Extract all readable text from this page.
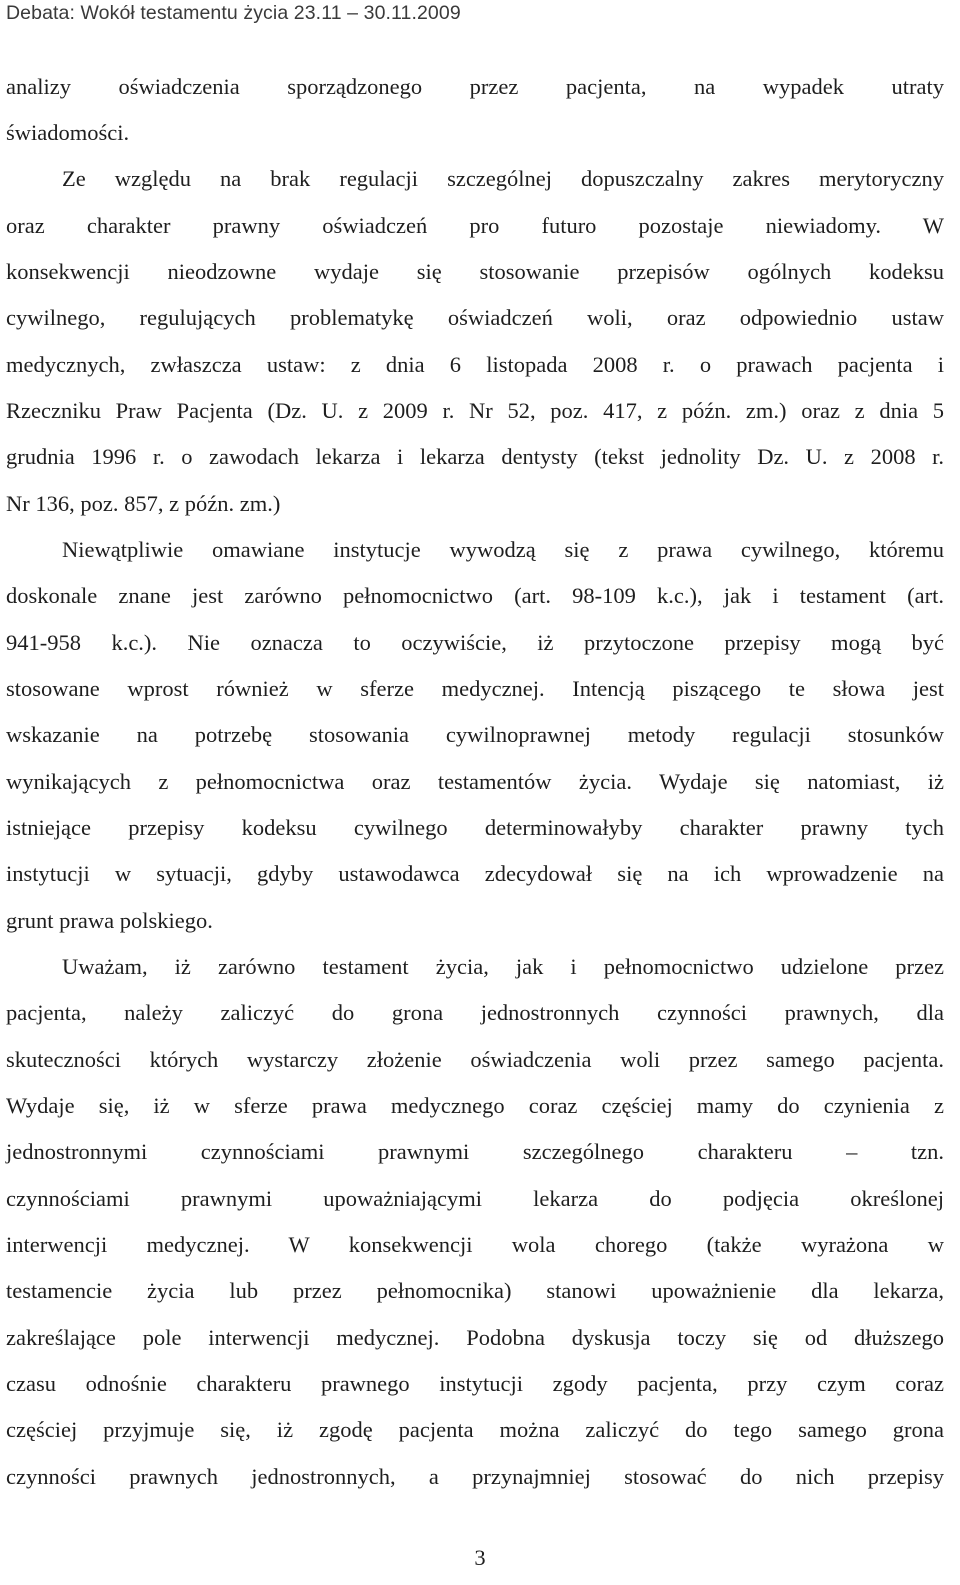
Debata: Wokół testamentu życia 23.11 – 30.11.2009
analizy oświadczenia sporządzonego przez pacjenta, na wypadek utraty
świadomości.
Ze względu na brak regulacji szczególnej dopuszczalny zakres merytoryczny
oraz charakter prawny oświadczeń pro futuro pozostaje niewiadomy. W
konsekwencji nieodzowne wydaje się stosowanie przepisów ogólnych kodeksu
cywilnego, regulujących problematykę oświadczeń woli, oraz odpowiednio ustaw
medycznych, zwłaszcza ustaw: z dnia 6 listopada 2008 r. o prawach pacjenta i
Rzeczniku Praw Pacjenta (Dz. U. z 2009 r. Nr 52, poz. 417, z późn. zm.) oraz z dnia 5
grudnia 1996 r. o zawodach lekarza i lekarza dentysty (tekst jednolity Dz. U. z 2008 r.
Nr 136, poz. 857, z późn. zm.)
Niewątpliwie omawiane instytucje wywodzą się z prawa cywilnego, któremu
doskonale znane jest zarówno pełnomocnictwo (art. 98-109 k.c.), jak i testament (art.
941-958 k.c.). Nie oznacza to oczywiście, iż przytoczone przepisy mogą być
stosowane wprost również w sferze medycznej. Intencją piszącego te słowa jest
wskazanie na potrzebę stosowania cywilnoprawnej metody regulacji stosunków
wynikających z pełnomocnictwa oraz testamentów życia. Wydaje się natomiast, iż
istniejące przepisy kodeksu cywilnego determinowałyby charakter prawny tych
instytucji w sytuacji, gdyby ustawodawca zdecydował się na ich wprowadzenie na
grunt prawa polskiego.
Uważam, iż zarówno testament życia, jak i pełnomocnictwo udzielone przez
pacjenta, należy zaliczyć do grona jednostronnych czynności prawnych, dla
skuteczności których wystarczy złożenie oświadczenia woli przez samego pacjenta.
Wydaje się, iż w sferze prawa medycznego coraz częściej mamy do czynienia z
jednostronnymi czynnościami prawnymi szczególnego charakteru – tzn.
czynnościami prawnymi upoważniającymi lekarza do podjęcia określonej
interwencji medycznej. W konsekwencji wola chorego (także wyrażona w
testamencie życia lub przez pełnomocnika) stanowi upoważnienie dla lekarza,
zakreślające pole interwencji medycznej. Podobna dyskusja toczy się od dłuższego
czasu odnośnie charakteru prawnego instytucji zgody pacjenta, przy czym coraz
częściej przyjmuje się, iż zgodę pacjenta można zaliczyć do tego samego grona
czynności prawnych jednostronnych, a przynajmniej stosować do nich przepisy
3
